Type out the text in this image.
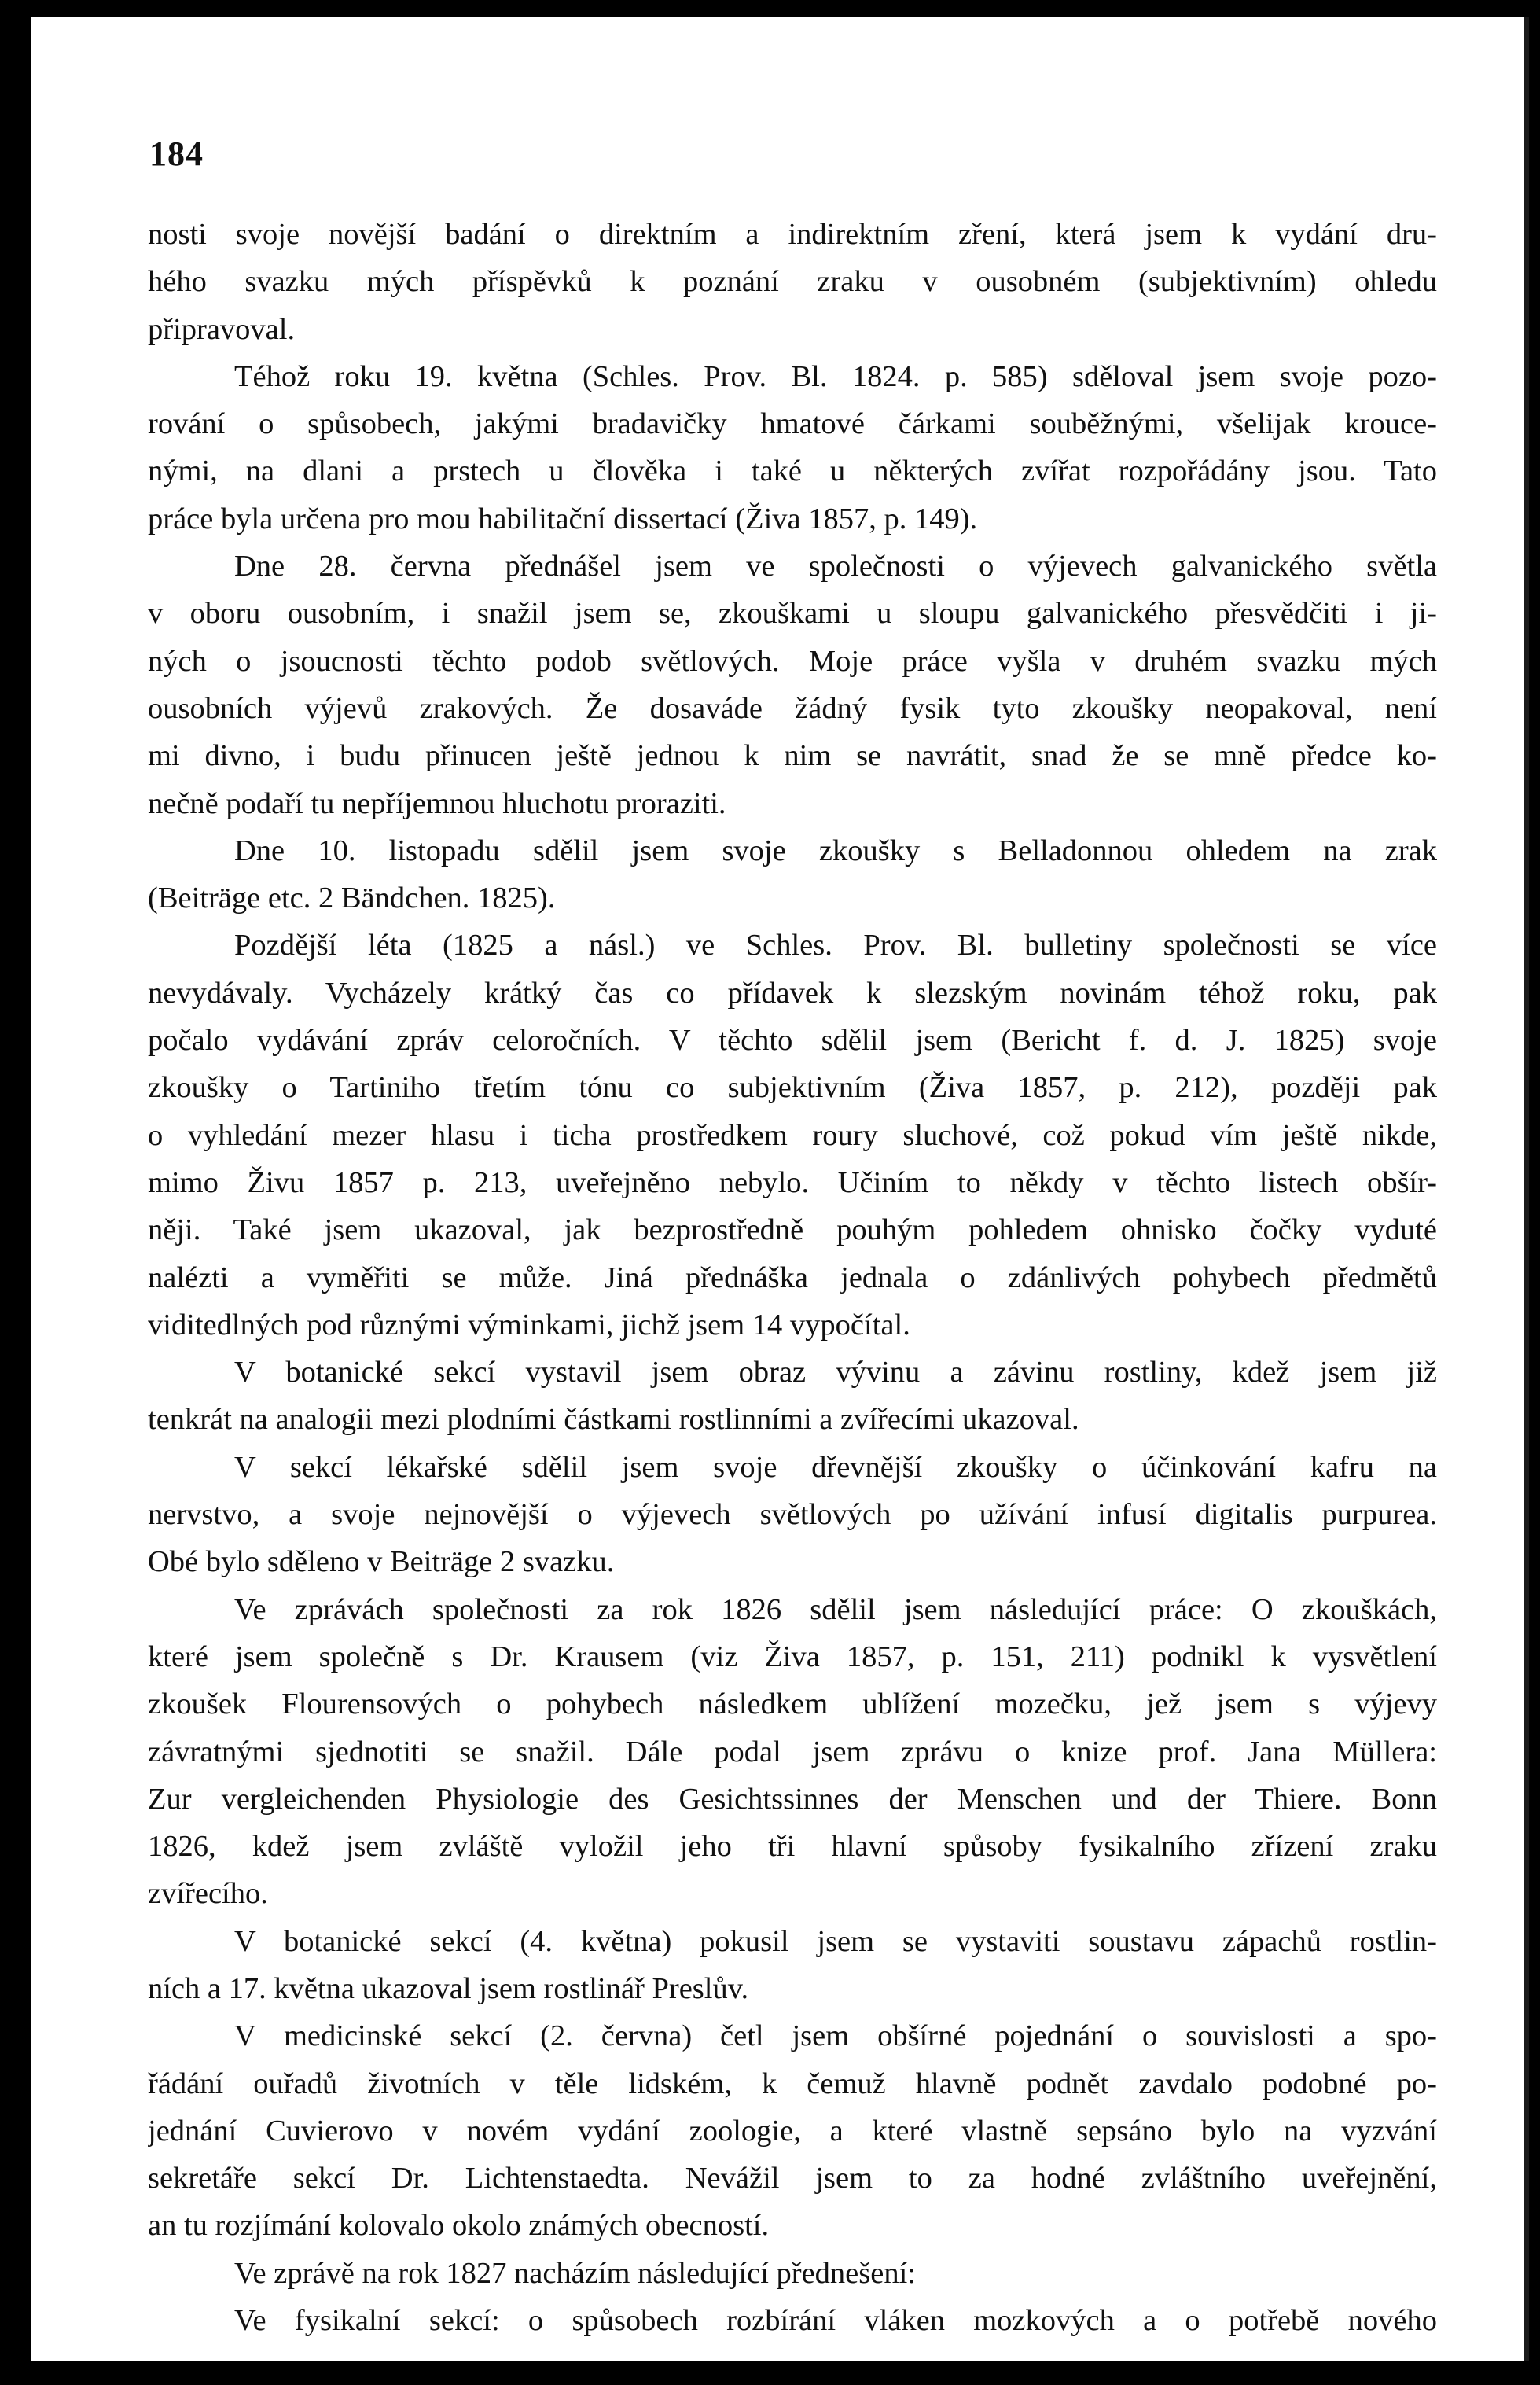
184

nosti svoje novější badání o direktním a indirektním zření, která jsem k vydání dru-

hého svazku mých příspěvků k poznání zraku v ousobném (subjektivním) ohledu

připravoval.

Téhož roku 19. května (Schles. Prov. Bl. 1824. p. 585) sděloval jsem svoje pozo-

rování o spůsobech, jakými bradavičky hmatové čárkami souběžnými, všelijak krouce-

nými, na dlani a prstech u člověka i také u některých zvířat rozpořádány jsou. Tato

práce byla určena pro mou habilitační dissertací (Živa 1857, p. 149).

Dne 28. června přednášel jsem ve společnosti o výjevech galvanického světla

v oboru ousobním, i snažil jsem se, zkouškami u sloupu galvanického přesvědčiti i ji-

ných o jsoucnosti těchto podob světlových. Moje práce vyšla v druhém svazku mých

ousobních výjevů zrakových. Že dosaváde žádný fysik tyto zkoušky neopakoval, není

mi divno, i budu přinucen ještě jednou k nim se navrátit, snad že se mně předce ko-

nečně podaří tu nepříjemnou hluchotu proraziti.

Dne 10. listopadu sdělil jsem svoje zkoušky s Belladonnou ohledem na zrak

(Beiträge etc. 2 Bändchen. 1825).

Pozdější léta (1825 a násl.) ve Schles. Prov. Bl. bulletiny společnosti se více

nevydávaly. Vycházely krátký čas co přídavek k slezským novinám téhož roku, pak

počalo vydávání zpráv celoročních. V těchto sdělil jsem (Bericht f. d. J. 1825) svoje

zkoušky o Tartiniho třetím tónu co subjektivním (Živa 1857, p. 212), později pak

o vyhledání mezer hlasu i ticha prostředkem roury sluchové, což pokud vím ještě nikde,

mimo Živu 1857 p. 213, uveřejněno nebylo. Učiním to někdy v těchto listech obšír-

něji. Také jsem ukazoval, jak bezprostředně pouhým pohledem ohnisko čočky vyduté

nalézti a vyměřiti se může. Jiná přednáška jednala o zdánlivých pohybech předmětů

viditedlných pod různými výminkami, jichž jsem 14 vypočítal.

V botanické sekcí vystavil jsem obraz vývinu a závinu rostliny, kdež jsem již

tenkrát na analogii mezi plodními částkami rostlinními a zvířecími ukazoval.

V sekcí lékařské sdělil jsem svoje dřevnější zkoušky o účinkování kafru na

nervstvo, a svoje nejnovější o výjevech světlových po užívání infusí digitalis purpurea.

Obé bylo sděleno v Beiträge 2 svazku.

Ve zprávách společnosti za rok 1826 sdělil jsem následující práce: O zkouškách,

které jsem společně s Dr. Krausem (viz Živa 1857, p. 151, 211) podnikl k vysvětlení

zkoušek Flourensových o pohybech následkem ublížení mozečku, jež jsem s výjevy

závratnými sjednotiti se snažil. Dále podal jsem zprávu o knize prof. Jana Müllera:

Zur vergleichenden Physiologie des Gesichtssinnes der Menschen und der Thiere. Bonn

1826, kdež jsem zvláště vyložil jeho tři hlavní spůsoby fysikalního zřízení zraku

zvířecího.

V botanické sekcí (4. května) pokusil jsem se vystaviti soustavu zápachů rostlin-

ních a 17. května ukazoval jsem rostlinář Preslův.

V medicinské sekcí (2. června) četl jsem obšírné pojednání o souvislosti a spo-

řádání ouřadů životních v těle lidském, k čemuž hlavně podnět zavdalo podobné po-

jednání Cuvierovo v novém vydání zoologie, a které vlastně sepsáno bylo na vyzvání

sekretáře sekcí Dr. Lichtenstaedta. Nevážil jsem to za hodné zvláštního uveřejnění,

an tu rozjímání kolovalo okolo známých obecností.

Ve zprávě na rok 1827 nacházím následující přednešení:

Ve fysikalní sekcí: o spůsobech rozbírání vláken mozkových a o potřebě nového
